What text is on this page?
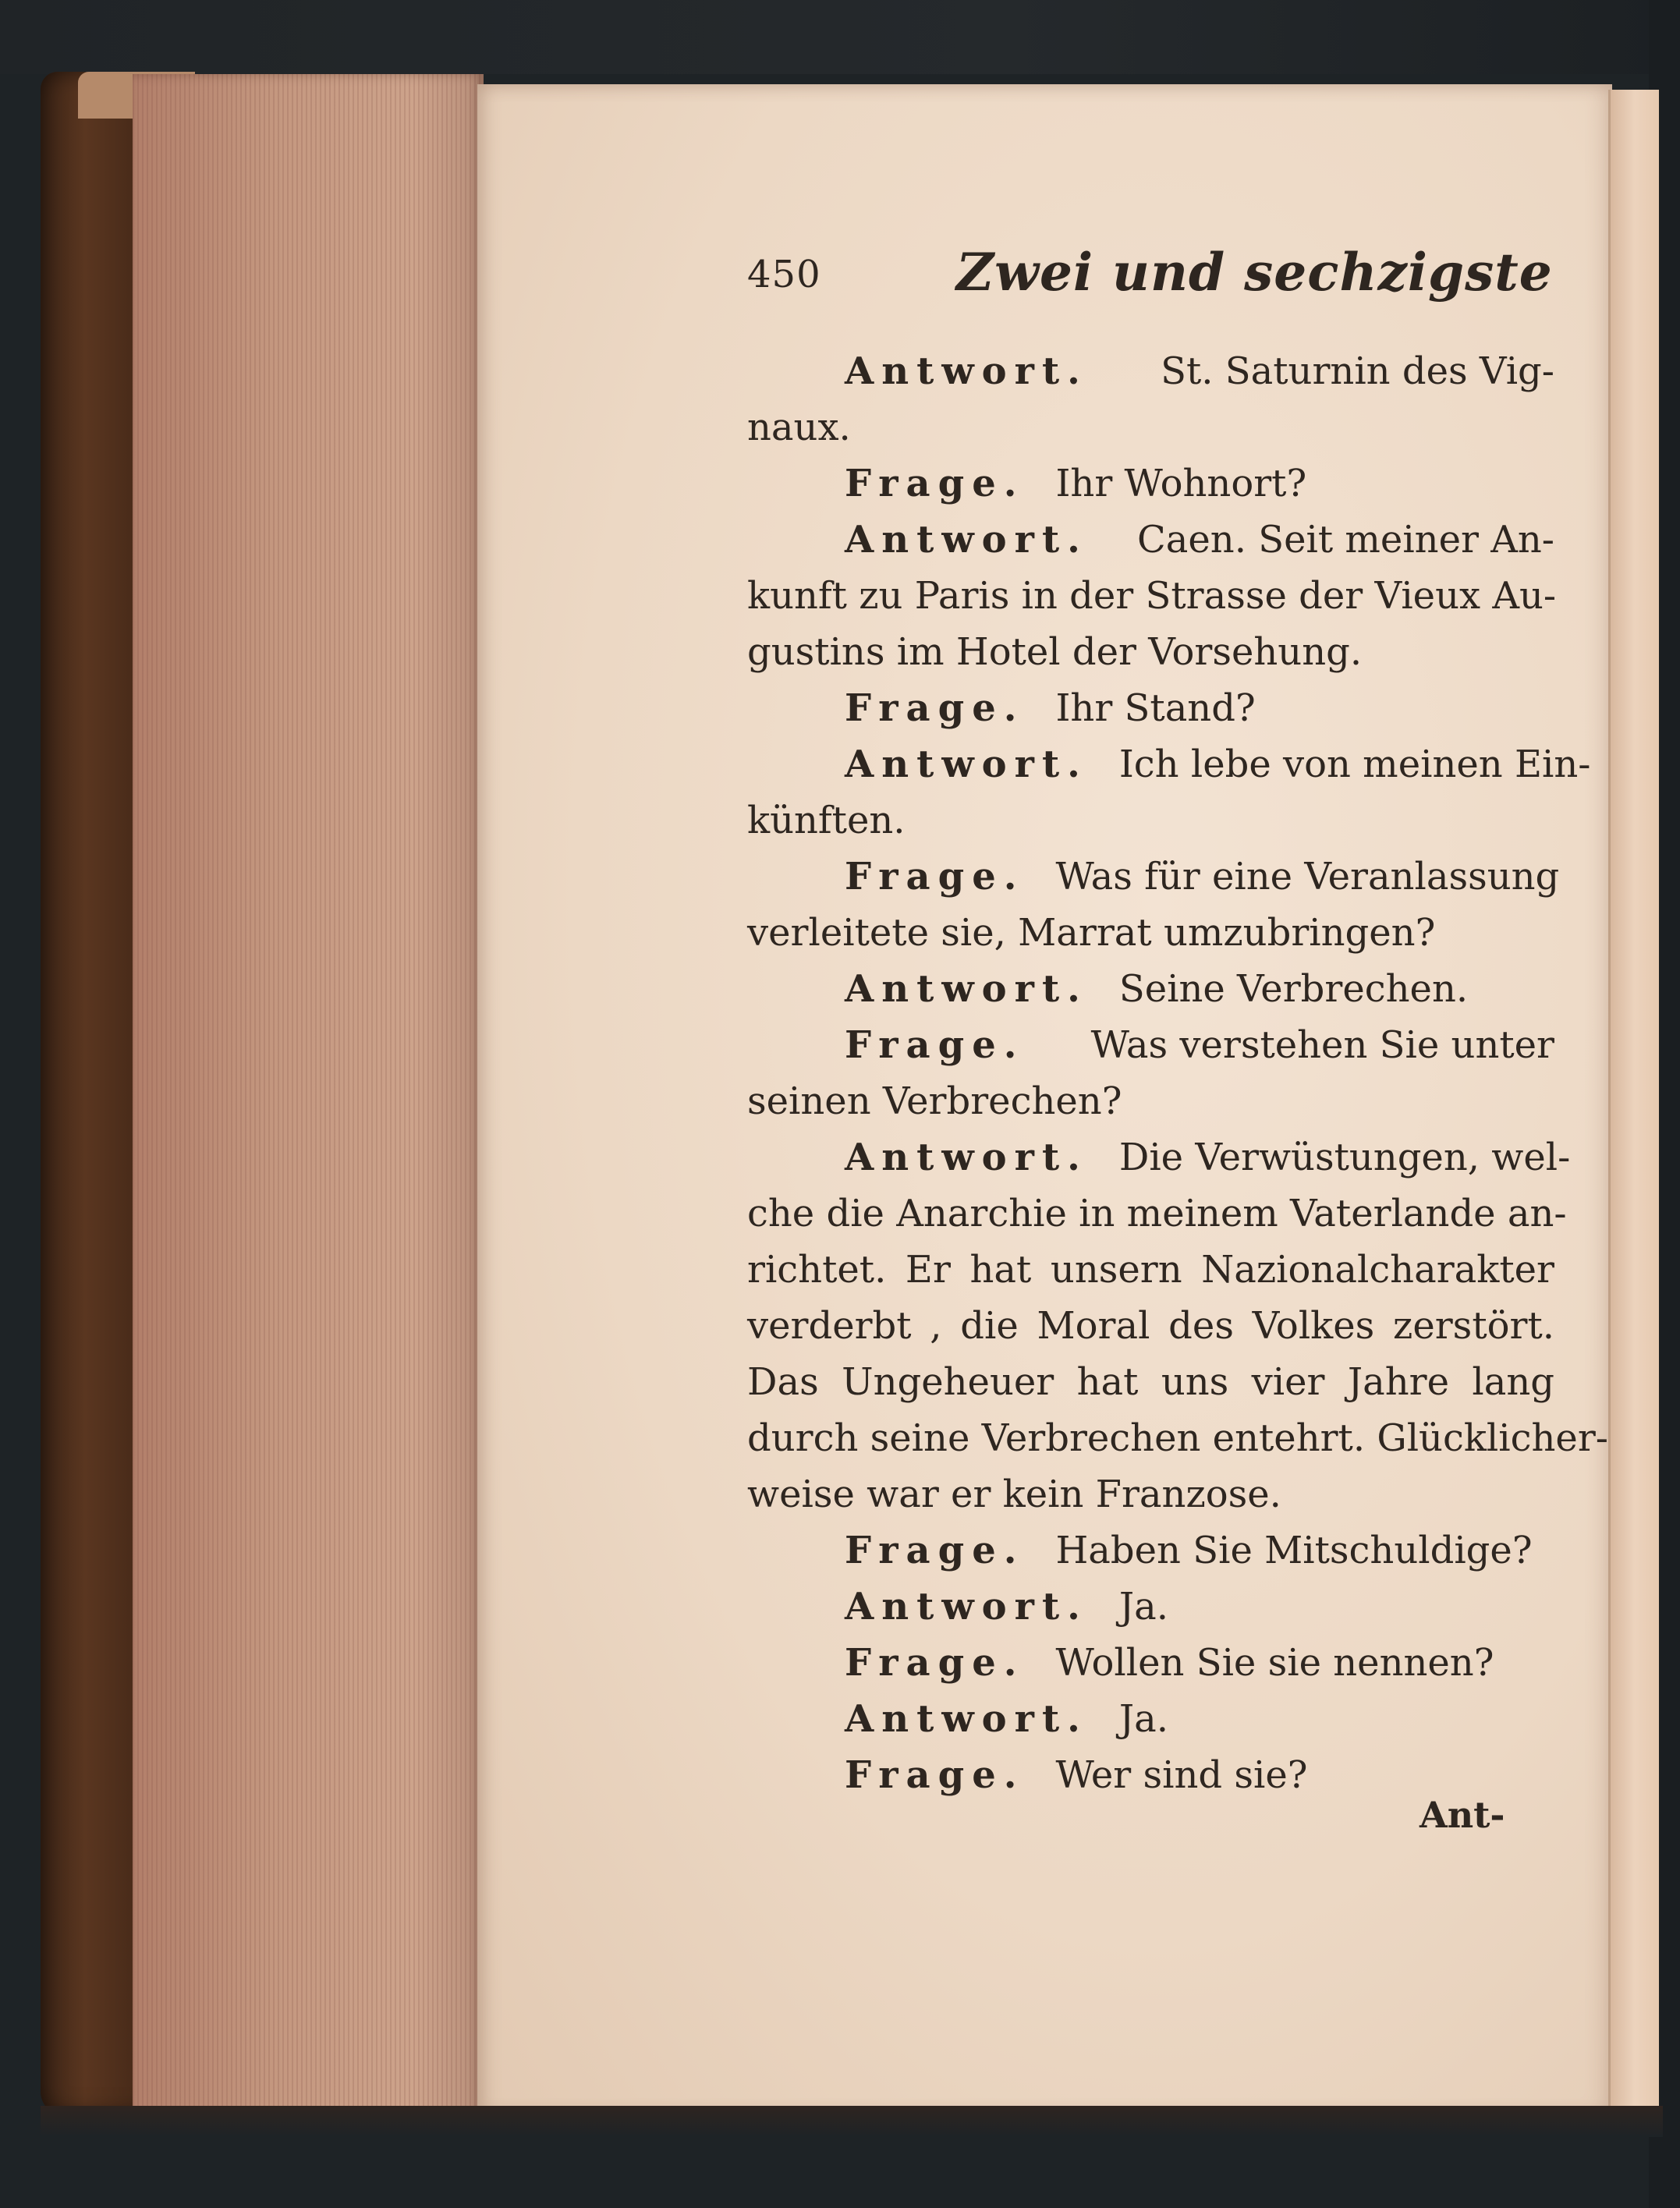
450	Zwei und sechzigste
Antwort. St. Saturnin des Vig-
naux.
Frage. Ihr Wohnort?
Antwort. Caen. Seit meiner An-
kunft zu Paris in der Strasse der Vieux Au-
gustins im Hotel der Vorsehung.
Frage. Ihr Stand?
Antwort. Ich lebe von meinen Ein-
künften.
Frage. Was für eine Veranlassung
verleitete sie, Marrat umzubringen?
Antwort. Seine Verbrechen.
Frage. Was verstehen Sie unter
seinen Verbrechen?
Antwort. Die Verwüstungen, wel-
che die Anarchie in meinem Vaterlande an-
richtet. Er hat unsern Nazionalcharakter
verderbt , die Moral des Volkes zerstört.
Das Ungeheuer hat uns vier Jahre lang
durch seine Verbrechen entehrt. Glücklicher-
weise war er kein Franzose.
Frage. Haben Sie Mitschuldige?
Antwort. Ja.
Frage. Wollen Sie sie nennen?
Antwort. Ja.
Frage. Wer sind sie?
Ant-
